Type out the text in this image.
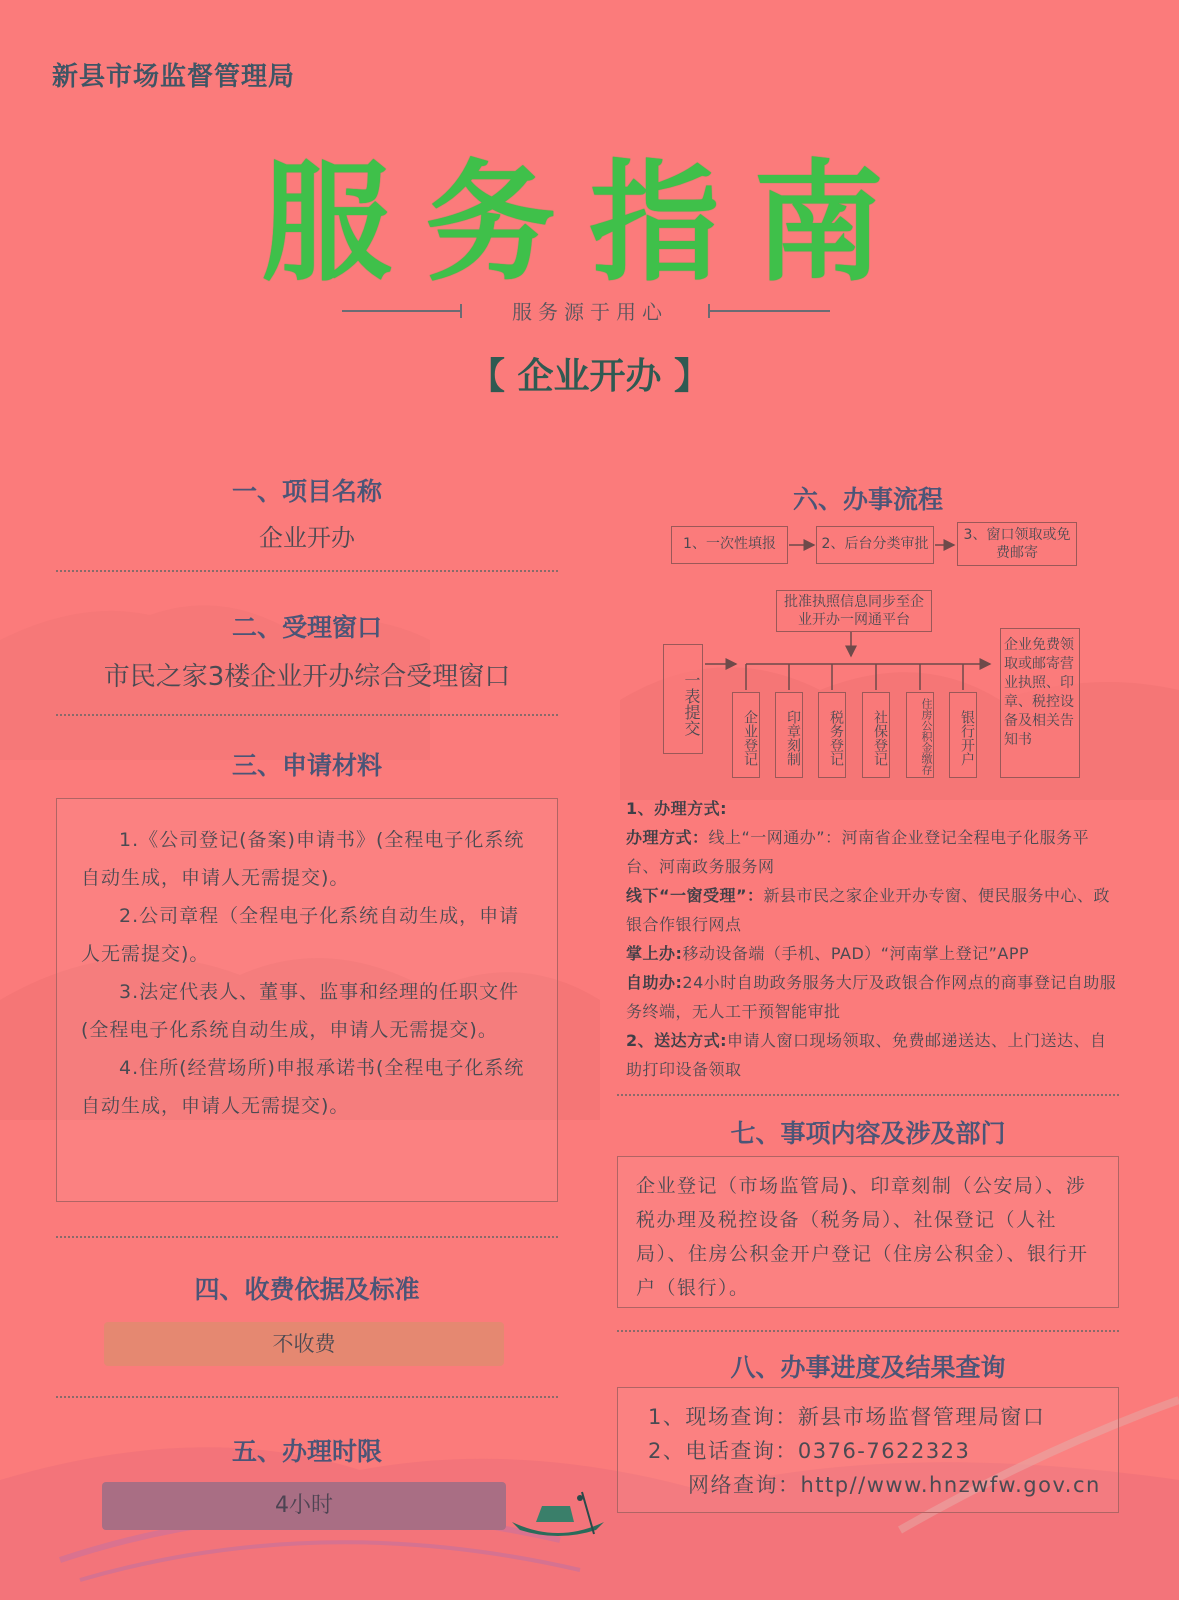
新县市场监督管理局
服务指南
服务源于用心
【 企业开办 】
一、项目名称
企业开办
二、受理窗口
市民之家3楼企业开办综合受理窗口
三、申请材料

1.《公司登记(备案)申请书》(全程电子化系统自动生成，申请人无需提交)。

2.公司章程（全程电子化系统自动生成，申请人无需提交)。

3.法定代表人、董事、监事和经理的任职文件(全程电子化系统自动生成，申请人无需提交)。

4.住所(经营场所)申报承诺书(全程电子化系统自动生成，申请人无需提交)。

四、收费依据及标准
不收费
五、办理时限
4小时
六、办事流程
1、一次性填报	2、后台分类审批
3、窗口领取或免费邮寄
批准执照信息同步至企业开办一网通平台
一表提交
企业登记	印章刻制	税务登记	社保登记	住房公积金缴存	银行开户
企业免费领取或邮寄营业执照、印章、税控设备及相关告知书
1、办理方式:
办理方式：线上“一网通办”：河南省企业登记全程电子化服务平台、河南政务服务网
线下“一窗受理”：新县市民之家企业开办专窗、便民服务中心、政银合作银行网点
掌上办:移动设备端（手机、PAD）“河南掌上登记”APP
自助办:24小时自助政务服务大厅及政银合作网点的商事登记自助服务终端，无人工干预智能审批
2、送达方式:申请人窗口现场领取、免费邮递送达、上门送达、自助打印设备领取
七、事项内容及涉及部门
企业登记（市场监管局)、印章刻制（公安局）、涉税办理及税控设备（税务局）、社保登记（人社局）、住房公积金开户登记（住房公积金）、银行开户（银行）。
八、办事进度及结果查询
1、现场查询：新县市场监督管理局窗口
2、电话查询：0376-7622323
网络查询：http//www.hnzwfw.gov.cn
